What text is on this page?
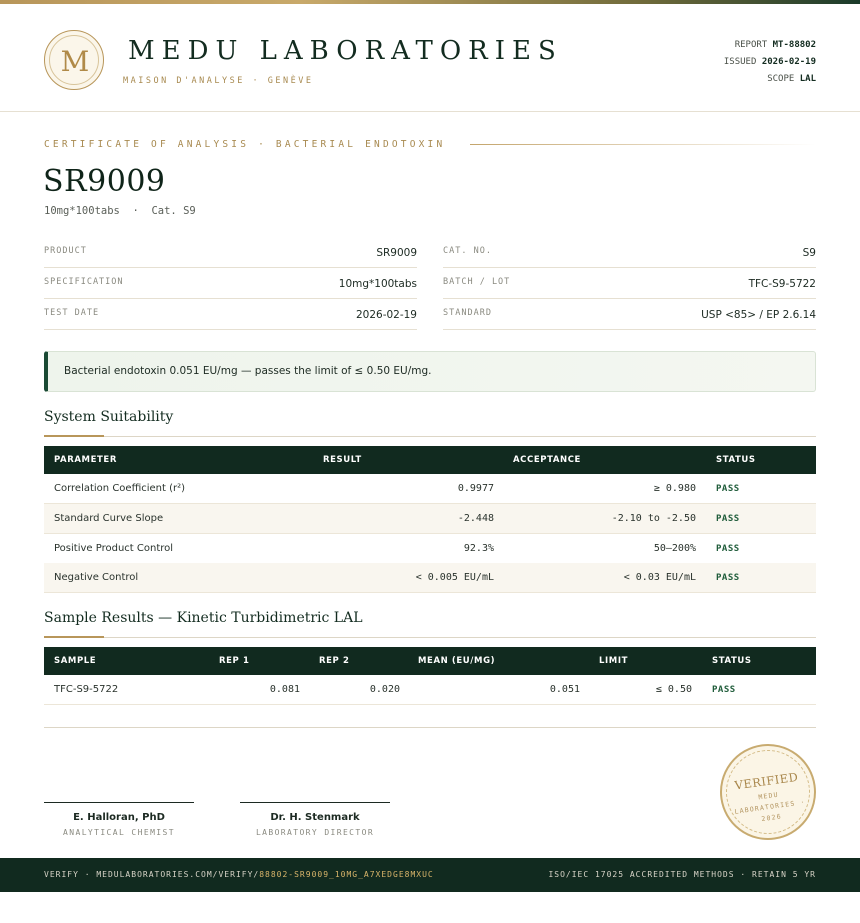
M	MEDU LABORATORIES
MAISON D'ANALYSE · GENÈVE
REPORT MT-88802
ISSUED 2026-02-19
SCOPE LAL
CERTIFICATE OF ANALYSIS · BACTERIAL ENDOTOXIN
SR9009
10mg*100tabs  ·  Cat. S9
PRODUCT	SR9009
SPECIFICATION	10mg*100tabs
TEST DATE	2026-02-19
CAT. NO.	S9
BATCH / LOT	TFC-S9-5722
STANDARD	USP <85> / EP 2.6.14
Bacterial endotoxin 0.051 EU/mg — passes the limit of ≤ 0.50 EU/mg.
System Suitability
PARAMETER	RESULT	ACCEPTANCE	STATUS
Correlation Coefficient (r²)	0.9977	≥ 0.980 PASS
Standard Curve Slope	-2.448	-2.10 to -2.50 PASS
Positive Product Control	92.3%	50–200% PASS
Negative Control	< 0.005 EU/mL	< 0.03 EU/mL PASS
Sample Results — Kinetic Turbidimetric LAL
SAMPLE	REP 1	REP 2	MEAN (EU/MG)	LIMIT	STATUS
TFC-S9-5722	0.081	0.020	0.051	≤ 0.50 PASS
E. Halloran, PhD
ANALYTICAL CHEMIST
Dr. H. Stenmark
LABORATORY DIRECTOR
VERIFIED
MEDU LABORATORIES · 2026
VERIFY · MEDULABORATORIES.COM/VERIFY/88802-SR9009_10MG_A7XEDGE8MXUC	ISO/IEC 17025 ACCREDITED METHODS · RETAIN 5 YR
